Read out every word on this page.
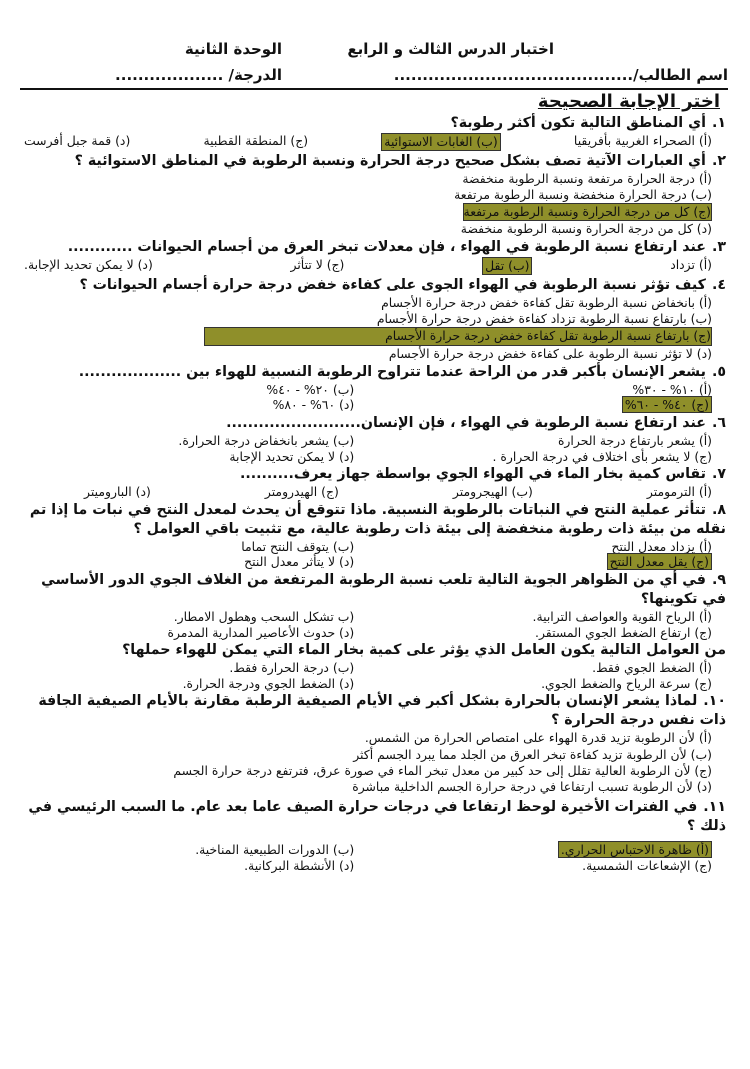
اسم الطالب/..........................................
اختبار الدرس الثالث و الرابع
الوحدة الثانية
الدرجة/ ...................
اختر الإجابة الصحيحة
١.أي المناطق التالية تكون أكثر رطوبة؟
(أ) الصحراء الغربية بأفريقيا
(ب) الغابات الاستوائية
(ج) المنطقة القطبية
(د) قمة جبل أفرست
٢.أي العبارات الآتية تصف بشكل صحيح درجة الحرارة ونسبة الرطوبة في المناطق الاستوائية ؟
(أ) درجة الحرارة مرتفعة ونسبة الرطوبة منخفضة
(ب) درجة الحرارة منخفضة ونسبة الرطوبة مرتفعة
(ج) كل من درجة الحرارة ونسبة الرطوبة مرتفعة
(د) كل من درجة الحرارة ونسبة الرطوبة منخفضة
٣.عند ارتفاع نسبة الرطوبة في الهواء ، فإن معدلات تبخر العرق من أجسام الحيوانات ............
(أ) تزداد
(ب) تقل
(ج) لا تتأثر
(د) لا يمكن تحديد الإجابة.
٤.كيف تؤثر نسبة الرطوبة في الهواء الجوى على كفاءة خفض درجة حرارة أجسام الحيوانات ؟
(أ) بانخفاض نسبة الرطوبة تقل كفاءة خفض درجة حرارة الأجسام
(ب) بارتفاع نسبة الرطوبة تزداد كفاءة خفض درجة حرارة الأجسام
(ج) بارتفاع نسبة الرطوبة تقل كفاءة خفض درجة حرارة الأجسام
(د) لا تؤثر نسبة الرطوبة على كفاءة خفض درجة حرارة الأجسام
٥.يشعر الإنسان بأكبر قدر من الراحة عندما تتراوح الرطوبة النسبية للهواء بين ...................
(أ) ١٠% - ٣٠%
(ب) ٢٠% - ٤٠%
(ج) ٤٠% - ٦٠%
(د) ٦٠% - ٨٠%
٦.عند ارتفاع نسبة الرطوبة في الهواء ، فإن الإنسان.........................
(أ) يشعر بارتفاع درجة الحرارة
(ب) يشعر بانخفاض درجة الحرارة.
(ج) لا يشعر بأى اختلاف في درجة الحرارة .
(د) لا يمكن تحديد الإجابة
٧.تقاس كمية بخار الماء في الهواء الجوي بواسطة جهاز يعرف..........
(أ) الترمومتر
(ب) الهيجرومتر
(ج) الهيدرومتر
(د) الباروميتر
٨.تتأثر عملية النتح في النباتات بالرطوبة النسبية. ماذا تتوقع أن يحدث لمعدل النتح في نبات ما إذا تم نقله من بيئة ذات رطوبة منخفضة إلى بيئة ذات رطوبة عالية، مع تثبيت باقي العوامل ؟
(أ) يزداد معدل النتح
(ب) يتوقف النتح تماما
(ج) يقل معدل النتح
(د) لا يتأثر معدل النتح
٩.في أي من الظواهر الجوية التالية تلعب نسبة الرطوبة المرتفعة من الغلاف الجوي الدور الأساسي في تكوينها؟
(أ) الرياح القوية والعواصف الترابية.
(ب تشكل السحب وهطول الامطار.
(ج) ارتفاع الضغط الجوي المستقر.
(د) حدوث الأعاصير المدارية المدمرة
من العوامل التالية يكون العامل الذي يؤثر على كمية بخار الماء التي يمكن للهواء حملها؟
(أ) الضغط الجوي فقط.
(ب) درجة الحرارة فقط.
(ج) سرعة الرياح والضغط الجوي.
(د) الضغط الجوي ودرجة الحرارة.
١٠.لماذا يشعر الإنسان بالحرارة بشكل أكبر في الأيام الصيفية الرطبة مقارنة بالأيام الصيفية الجافة ذات نفس درجة الحرارة ؟
(أ) لأن الرطوبة تزيد قدرة الهواء على امتصاص الحرارة من الشمس.
(ب) لأن الرطوبة تزيد كفاءة تبخر العرق من الجلد مما يبرد الجسم أكثر
(ج) لأن الرطوبة العالية تقلل إلى حد كبير من معدل تبخر الماء في صورة عرق، فترتفع درجة حرارة الجسم
(د) لأن الرطوبة تسبب ارتفاعا في درجة حرارة الجسم الداخلية مباشرة
١١.في الفترات الأخيرة لوحظ ارتفاعا في درجات حرارة الصيف عاما بعد عام. ما السبب الرئيسي في ذلك ؟
(أ) ظاهرة الاحتباس الحراري.
(ب) الدورات الطبيعية المناخية.
(ج) الإشعاعات الشمسية.
(د) الأنشطة البركانية.
